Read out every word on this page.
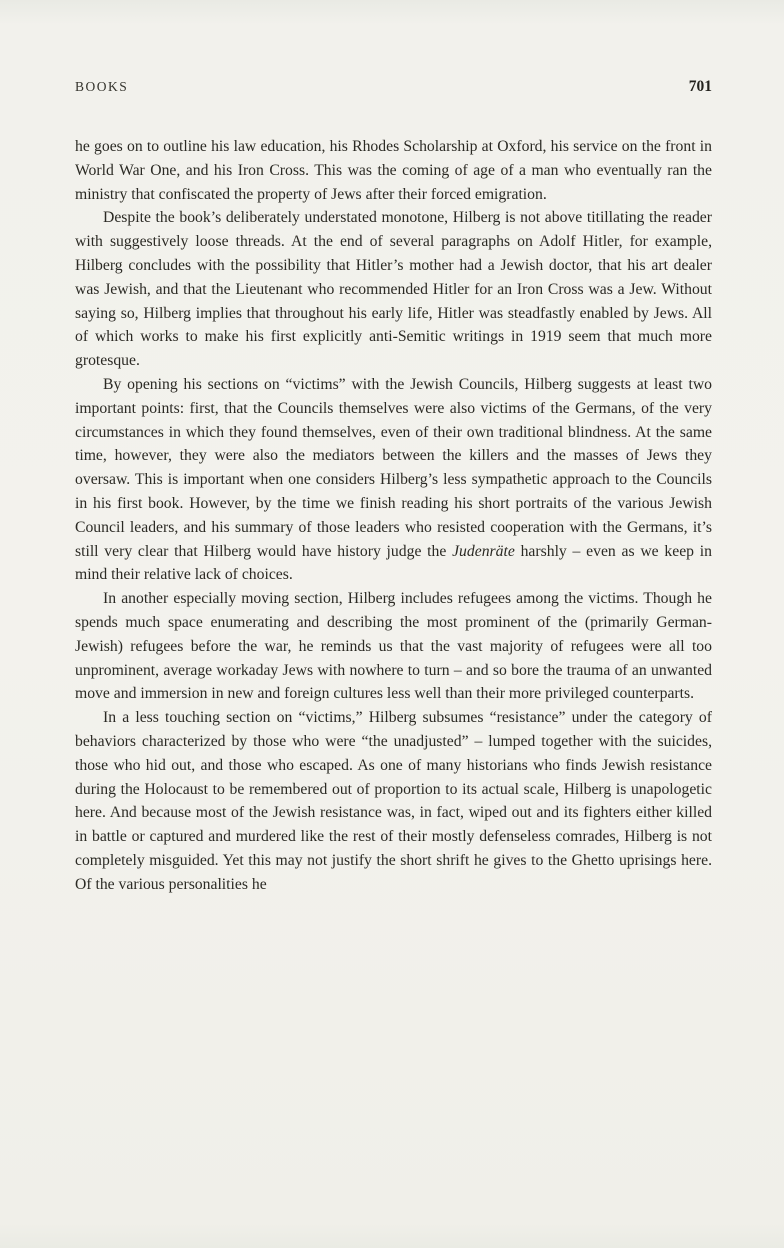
BOOKS	701

he goes on to outline his law education, his Rhodes Scholarship at Oxford, his service on the front in World War One, and his Iron Cross. This was the coming of age of a man who eventually ran the ministry that confiscated the property of Jews after their forced emigration.

Despite the book’s deliberately understated monotone, Hilberg is not above titillating the reader with suggestively loose threads. At the end of several paragraphs on Adolf Hitler, for example, Hilberg concludes with the possibility that Hitler’s mother had a Jewish doctor, that his art dealer was Jewish, and that the Lieutenant who recommended Hitler for an Iron Cross was a Jew. Without saying so, Hilberg implies that throughout his early life, Hitler was steadfastly enabled by Jews. All of which works to make his first explicitly anti-Semitic writings in 1919 seem that much more grotesque.

By opening his sections on “victims” with the Jewish Councils, Hilberg suggests at least two important points: first, that the Councils themselves were also victims of the Germans, of the very circumstances in which they found themselves, even of their own traditional blindness. At the same time, however, they were also the mediators between the killers and the masses of Jews they oversaw. This is important when one considers Hilberg’s less sympathetic approach to the Councils in his first book. However, by the time we finish reading his short portraits of the various Jewish Council leaders, and his summary of those leaders who resisted cooperation with the Germans, it’s still very clear that Hilberg would have history judge the Judenräte harshly – even as we keep in mind their relative lack of choices.

In another especially moving section, Hilberg includes refugees among the victims. Though he spends much space enumerating and describing the most prominent of the (primarily German-Jewish) refugees before the war, he reminds us that the vast majority of refugees were all too unprominent, average workaday Jews with nowhere to turn – and so bore the trauma of an unwanted move and immersion in new and foreign cultures less well than their more privileged counterparts.

In a less touching section on “victims,” Hilberg subsumes “resistance” under the category of behaviors characterized by those who were “the unadjusted” – lumped together with the suicides, those who hid out, and those who escaped. As one of many historians who finds Jewish resistance during the Holocaust to be remembered out of proportion to its actual scale, Hilberg is unapologetic here. And because most of the Jewish resistance was, in fact, wiped out and its fighters either killed in battle or captured and murdered like the rest of their mostly defenseless comrades, Hilberg is not completely misguided. Yet this may not justify the short shrift he gives to the Ghetto uprisings here. Of the various personalities he
